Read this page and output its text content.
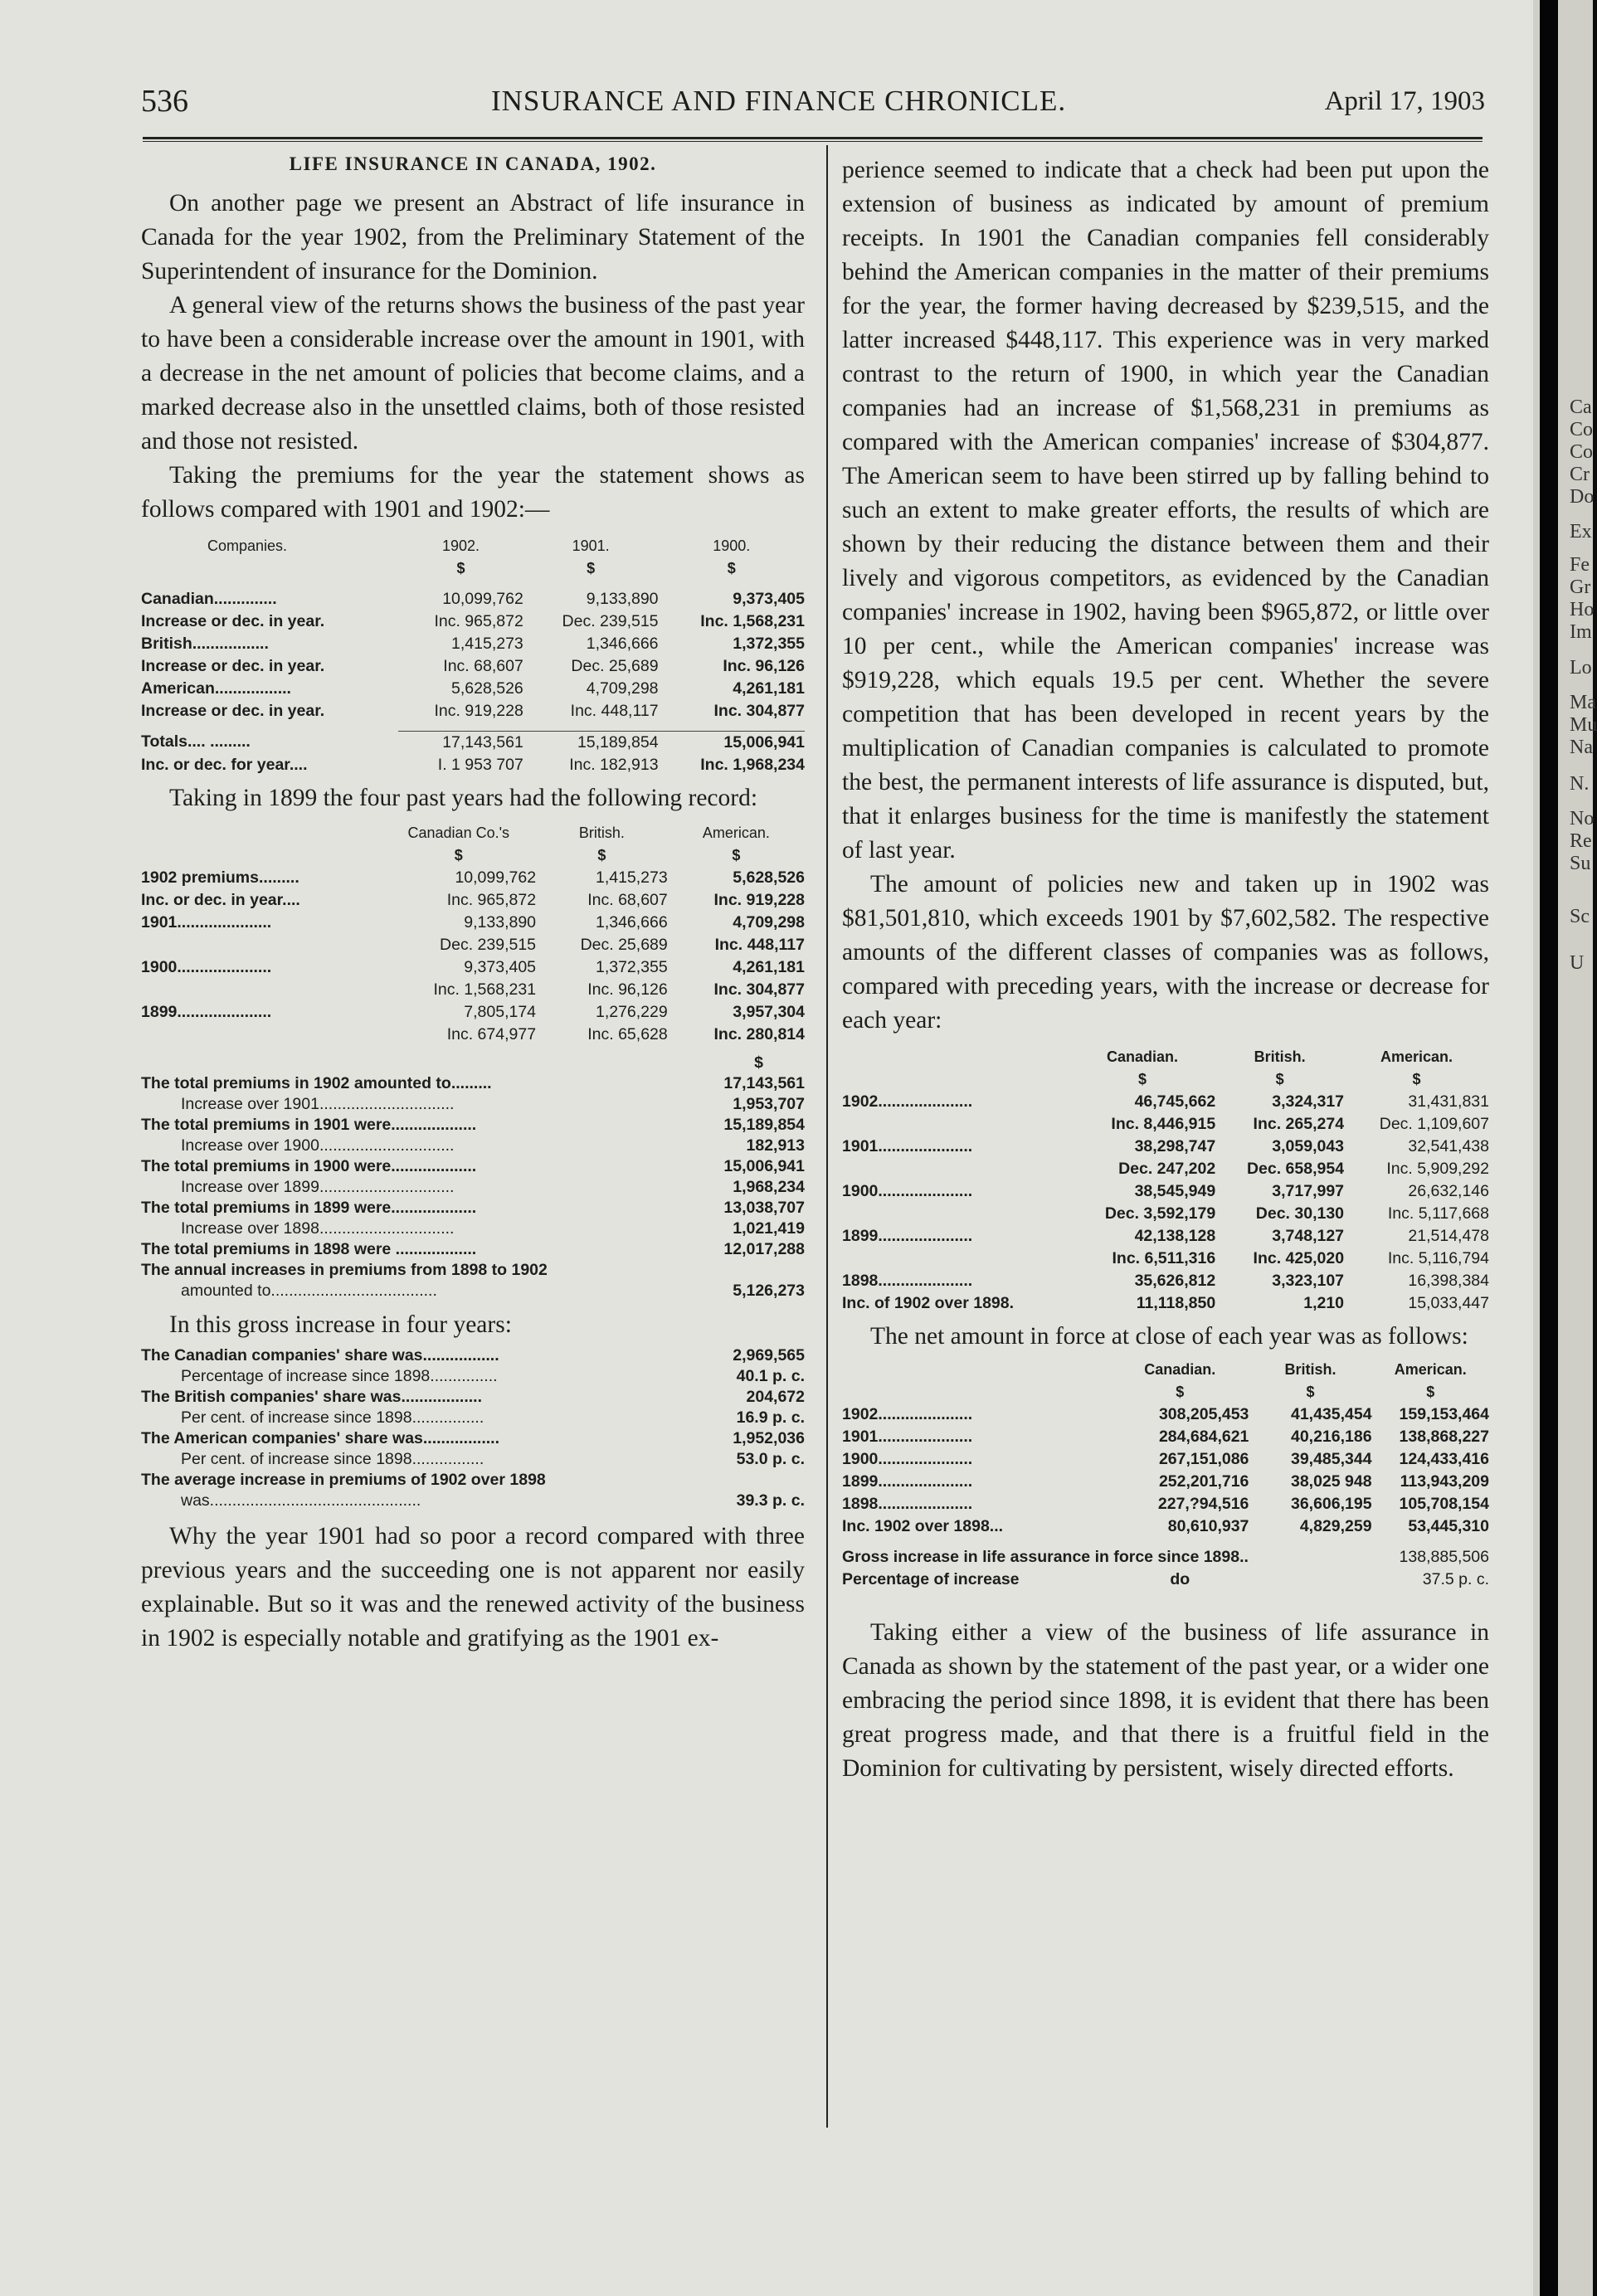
536	INSURANCE AND FINANCE CHRONICLE.	April 17, 1903
LIFE INSURANCE IN CANADA, 1902.

On another page we present an Abstract of life insurance in Canada for the year 1902, from the Preliminary Statement of the Superintendent of insurance for the Dominion.

A general view of the returns shows the business of the past year to have been a considerable increase over the amount in 1901, with a decrease in the net amount of policies that become claims, and a marked decrease also in the unsettled claims, both of those resisted and those not resisted.

Taking the premiums for the year the statement shows as follows compared with 1901 and 1902:—

Companies.	1902.	1901.	1900.
	$	$	$

Canadian..............	10,099,762	9,133,890	9,373,405
Increase or dec. in year.	Inc. 965,872	Dec. 239,515	Inc. 1,568,231
British.................	1,415,273	1,346,666	1,372,355
Increase or dec. in year.	Inc. 68,607	Dec. 25,689	Inc. 96,126
American.................	5,628,526	4,709,298	4,261,181
Increase or dec. in year.	Inc. 919,228	Inc. 448,117	Inc. 304,877

Totals.... .........	17,143,561	15,189,854	15,006,941
Inc. or dec. for year....	I. 1 953 707	Inc. 182,913	Inc. 1,968,234

Taking in 1899 the four past years had the following record:

	Canadian Co.'s	British.	American.
	$	$	$
1902 premiums.........	10,099,762	1,415,273	5,628,526
Inc. or dec. in year....	Inc. 965,872	Inc. 68,607	Inc. 919,228
1901.....................	9,133,890	1,346,666	4,709,298
	Dec. 239,515	Dec. 25,689	Inc. 448,117
1900.....................	9,373,405	1,372,355	4,261,181
	Inc. 1,568,231	Inc. 96,126	Inc. 304,877
1899.....................	7,805,174	1,276,229	3,957,304
	Inc. 674,977	Inc. 65,628	Inc. 280,814
	$
The total premiums in 1902 amounted to.........	17,143,561
Increase over 1901..............................	1,953,707
The total premiums in 1901 were...................	15,189,854
Increase over 1900..............................	182,913
The total premiums in 1900 were...................	15,006,941
Increase over 1899..............................	1,968,234
The total premiums in 1899 were...................	13,038,707
Increase over 1898..............................	1,021,419
The total premiums in 1898 were ..................	12,017,288
The annual increases in premiums from 1898 to 1902	
amounted to.....................................	5,126,273

In this gross increase in four years:

The Canadian companies' share was.................	2,969,565
Percentage of increase since 1898...............	40.1 p. c.
The British companies' share was..................	204,672
Per cent. of increase since 1898................	16.9 p. c.
The American companies' share was.................	1,952,036
Per cent. of increase since 1898................	53.0 p. c.
The average increase in premiums of 1902 over 1898	
was...............................................	39.3 p. c.

Why the year 1901 had so poor a record compared with three previous years and the succeeding one is not apparent nor easily explainable. But so it was and the renewed activity of the business in 1902 is especially notable and gratifying as the 1901 ex-

perience seemed to indicate that a check had been put upon the extension of business as indicated by amount of premium receipts. In 1901 the Canadian companies fell considerably behind the American companies in the matter of their premiums for the year, the former having decreased by $239,515, and the latter increased $448,117. This experience was in very marked contrast to the return of 1900, in which year the Canadian companies had an increase of $1,568,231 in premiums as compared with the American companies' increase of $304,877. The American seem to have been stirred up by falling behind to such an extent to make greater efforts, the results of which are shown by their reducing the distance between them and their lively and vigorous competitors, as evidenced by the Canadian companies' increase in 1902, having been $965,872, or little over 10 per cent., while the American companies' increase was $919,228, which equals 19.5 per cent. Whether the severe competition that has been developed in recent years by the multiplication of Canadian companies is calculated to promote the best, the permanent interests of life assurance is disputed, but, that it enlarges business for the time is manifestly the statement of last year.

The amount of policies new and taken up in 1902 was $81,501,810, which exceeds 1901 by $7,602,582. The respective amounts of the different classes of companies was as follows, compared with preceding years, with the increase or decrease for each year:

	Canadian.	British.	American.
	$	$	$
1902.....................	46,745,662	3,324,317	31,431,831
	Inc. 8,446,915	Inc. 265,274	Dec. 1,109,607
1901.....................	38,298,747	3,059,043	32,541,438
	Dec. 247,202	Dec. 658,954	Inc. 5,909,292
1900.....................	38,545,949	3,717,997	26,632,146
	Dec. 3,592,179	Dec. 30,130	Inc. 5,117,668
1899.....................	42,138,128	3,748,127	21,514,478
	Inc. 6,511,316	Inc. 425,020	Inc. 5,116,794
1898.....................	35,626,812	3,323,107	16,398,384
Inc. of 1902 over 1898.	11,118,850	1,210	15,033,447

The net amount in force at close of each year was as follows:

	Canadian.	British.	American.
	$	$	$
1902.....................	308,205,453	41,435,454	159,153,464
1901.....................	284,684,621	40,216,186	138,868,227
1900.....................	267,151,086	39,485,344	124,433,416
1899.....................	252,201,716	38,025 948	113,943,209
1898.....................	227,?94,516	36,606,195	105,708,154
Inc. 1902 over 1898...	80,610,937	4,829,259	53,445,310

Gross increase in life assurance in force since 1898..			138,885,506
Percentage of increase	do		37.5 p. c.

Taking either a view of the business of life assurance in Canada as shown by the statement of the past year, or a wider one embracing the period since 1898, it is evident that there has been great progress made, and that there is a fruitful field in the Dominion for cultivating by persistent, wisely directed efforts.

Ca
Co
Co
Cr
Do
Ex
Fe
Gr
Ho
Im
Lo
Ma
Mu
Na
N.
No
Re
Su
Sc
U
